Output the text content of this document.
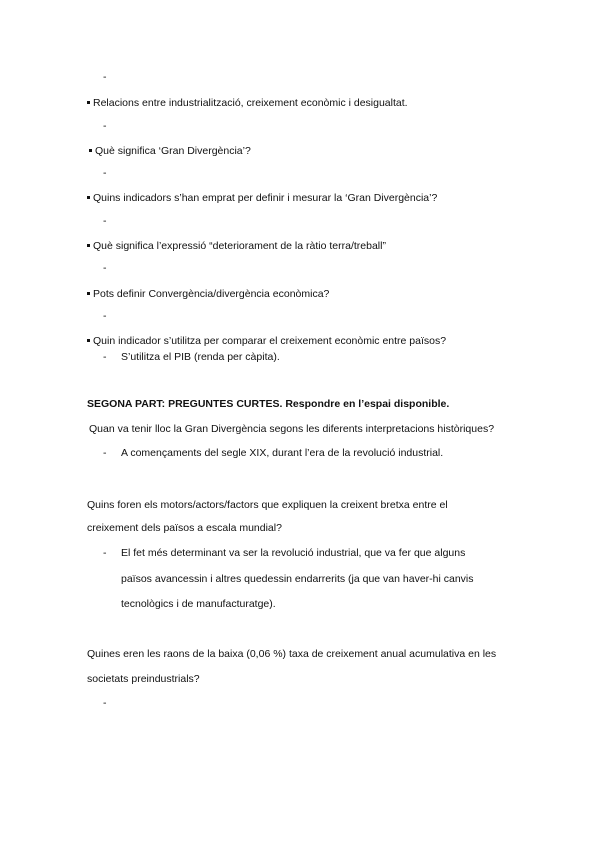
-
Relacions entre industrialització, creixement econòmic i desigualtat.
-
Què significa ‘Gran Divergència’?
-
Quins indicadors s’han emprat per definir i mesurar la ‘Gran Divergència’?
-
Què significa l’expressió “deteriorament de la ràtio terra/treball”
-
Pots definir Convergència/divergència econòmica?
-
Quin indicador s’utilitza per comparar el creixement econòmic entre països?
- S’utilitza el PIB (renda per càpita).
SEGONA PART: PREGUNTES CURTES. Respondre en l’espai disponible.
Quan va tenir lloc la Gran Divergència segons les diferents interpretacions històriques?
- A començaments del segle XIX, durant l’era de la revolució industrial.
Quins foren els motors/actors/factors que expliquen la creixent bretxa entre el
creixement dels països a escala mundial?
- El fet més determinant va ser la revolució industrial, que va fer que alguns
països avancessin i altres quedessin endarrerits (ja que van haver-hi canvis
tecnològics i de manufacturatge).
Quines eren les raons de la baixa (0,06 %) taxa de creixement anual acumulativa en les
societats preindustrials?
-
